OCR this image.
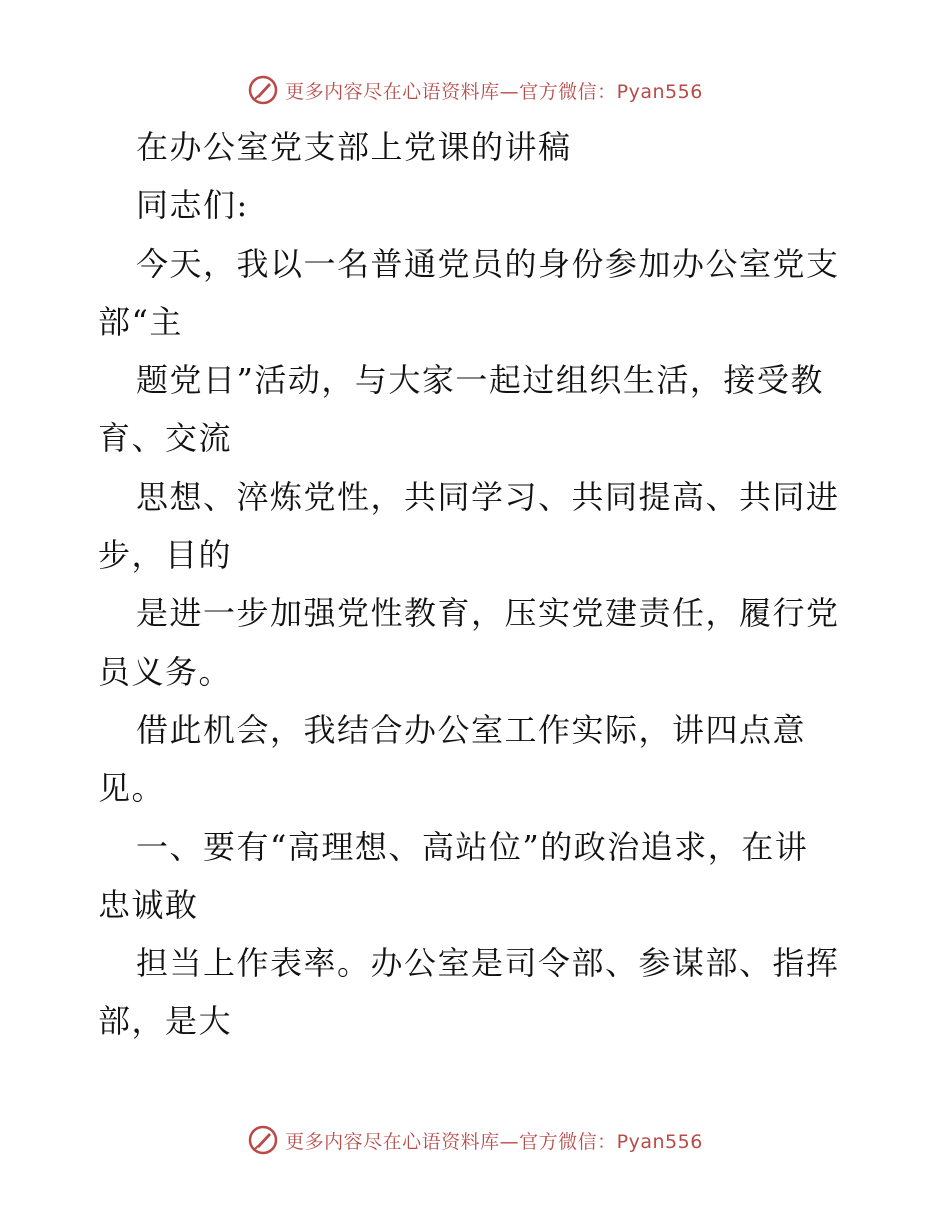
更多内容尽在心语资料库—官方微信：Pyan556
在办公室党支部上党课的讲稿
同志们:
今天，我以一名普通党员的身份参加办公室党支
部“主
题党日”活动，与大家一起过组织生活，接受教
育、交流
思想、淬炼党性，共同学习、共同提高、共同进
步，目的
是进一步加强党性教育，压实党建责任，履行党
员义务。
借此机会，我结合办公室工作实际，讲四点意
见。
一、要有“高理想、高站位”的政治追求，在讲
忠诚敢
担当上作表率。办公室是司令部、参谋部、指挥
部，是大
更多内容尽在心语资料库—官方微信：Pyan556
